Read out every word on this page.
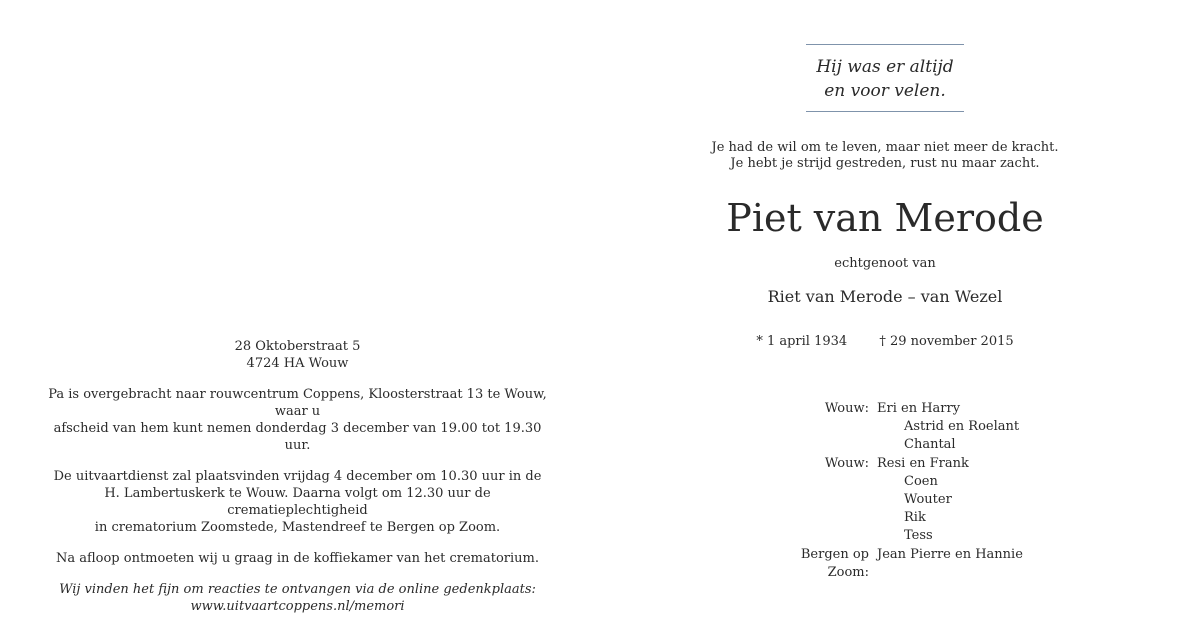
28 Oktoberstraat 5
4724 HA Wouw

Pa is overgebracht naar rouwcentrum Coppens, Kloosterstraat 13 te Wouw, waar u
afscheid van hem kunt nemen donderdag 3 december van 19.00 tot 19.30 uur.

De uitvaartdienst zal plaatsvinden vrijdag 4 december om 10.30 uur in de
H. Lambertuskerk te Wouw. Daarna volgt om 12.30 uur de crematieplechtigheid
in crematorium Zoomstede, Mastendreef te Bergen op Zoom.

Na afloop ontmoeten wij u graag in de koffiekamer van het crematorium.

Wij vinden het fijn om reacties te ontvangen via de online gedenkplaats:
www.uitvaartcoppens.nl/memori

Hij was er altijd
en voor velen.
Je had de wil om te leven, maar niet meer de kracht.
Je hebt je strijd gestreden, rust nu maar zacht.
Piet van Merode
echtgenoot van
Riet van Merode – van Wezel
* 1 april 1934 † 29 november 2015
Wouw: Eri en Harry
Astrid en Roelant
Chantal
Wouw: Resi en Frank
Coen
Wouter
Rik
Tess
Bergen op Zoom:
Jean Pierre en Hannie
